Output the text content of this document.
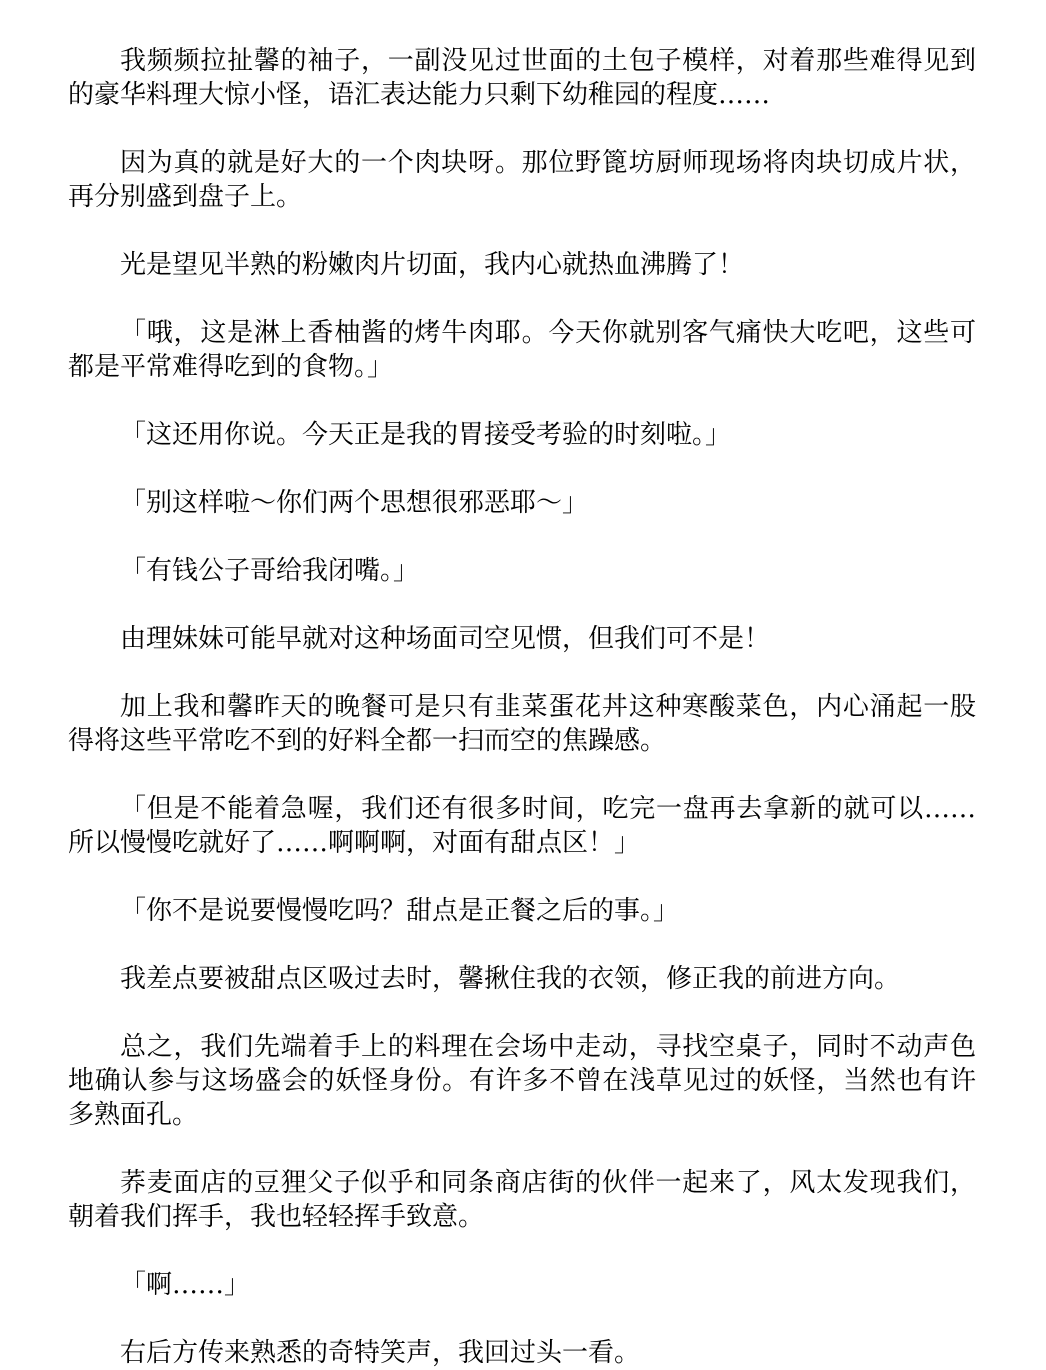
我频频拉扯馨的袖子，一副没见过世面的土包子模样，对着那些难得见到的豪华料理大惊小怪，语汇表达能力只剩下幼稚园的程度……

因为真的就是好大的一个肉块呀。那位野篦坊厨师现场将肉块切成片状，再分别盛到盘子上。

光是望见半熟的粉嫩肉片切面，我内心就热血沸腾了！

「哦，这是淋上香柚酱的烤牛肉耶。今天你就别客气痛快大吃吧，这些可都是平常难得吃到的食物。」

「这还用你说。今天正是我的胃接受考验的时刻啦。」

「别这样啦～你们两个思想很邪恶耶～」

「有钱公子哥给我闭嘴。」

由理妹妹可能早就对这种场面司空见惯，但我们可不是！

加上我和馨昨天的晚餐可是只有韭菜蛋花丼这种寒酸菜色，内心涌起一股得将这些平常吃不到的好料全都一扫而空的焦躁感。

「但是不能着急喔，我们还有很多时间，吃完一盘再去拿新的就可以……所以慢慢吃就好了……啊啊啊，对面有甜点区！」

「你不是说要慢慢吃吗？甜点是正餐之后的事。」

我差点要被甜点区吸过去时，馨揪住我的衣领，修正我的前进方向。

总之，我们先端着手上的料理在会场中走动，寻找空桌子，同时不动声色地确认参与这场盛会的妖怪身份。有许多不曾在浅草见过的妖怪，当然也有许多熟面孔。

荞麦面店的豆狸父子似乎和同条商店街的伙伴一起来了，风太发现我们，朝着我们挥手，我也轻轻挥手致意。

「啊……」

右后方传来熟悉的奇特笑声，我回过头一看。
